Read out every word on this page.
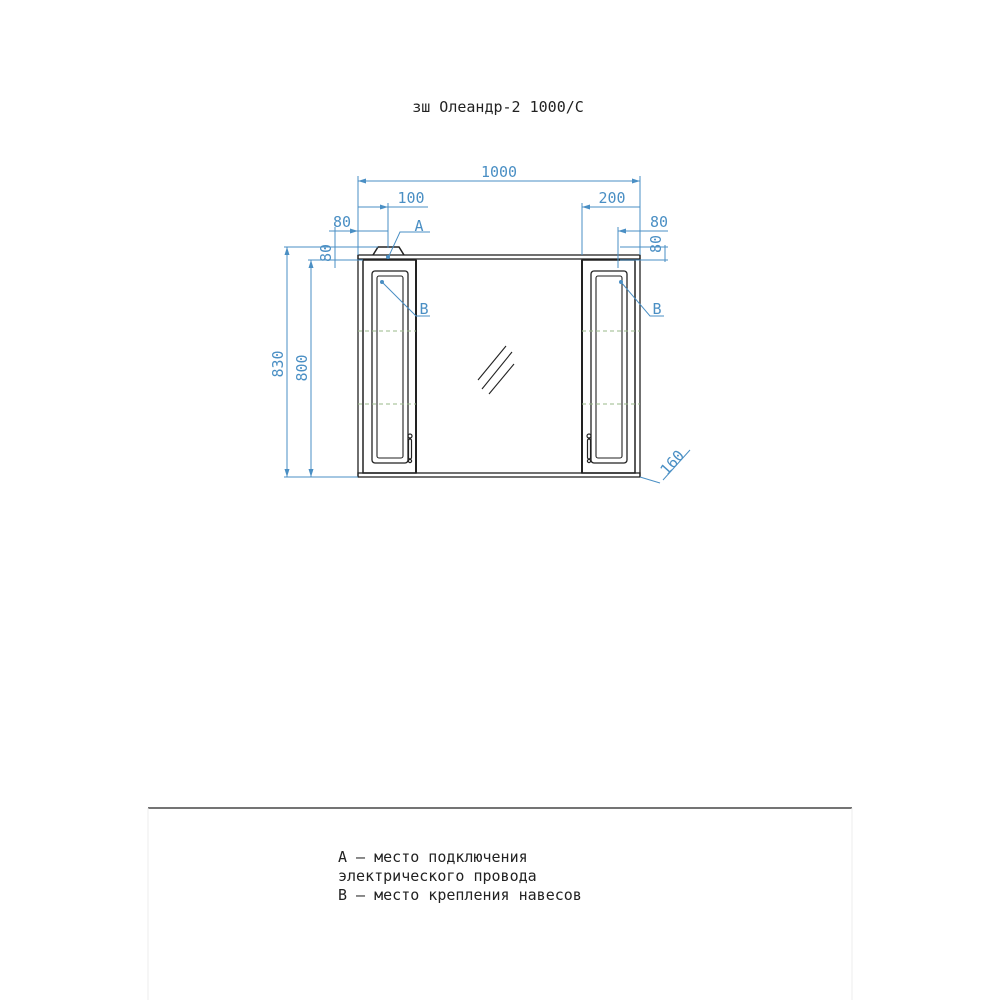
зш Олеандр-2 1000/С
1000
100	200
80	80
80	80
830 800
160
A
B	B
А — место подключения
электрического провода
В — место крепления навесов
